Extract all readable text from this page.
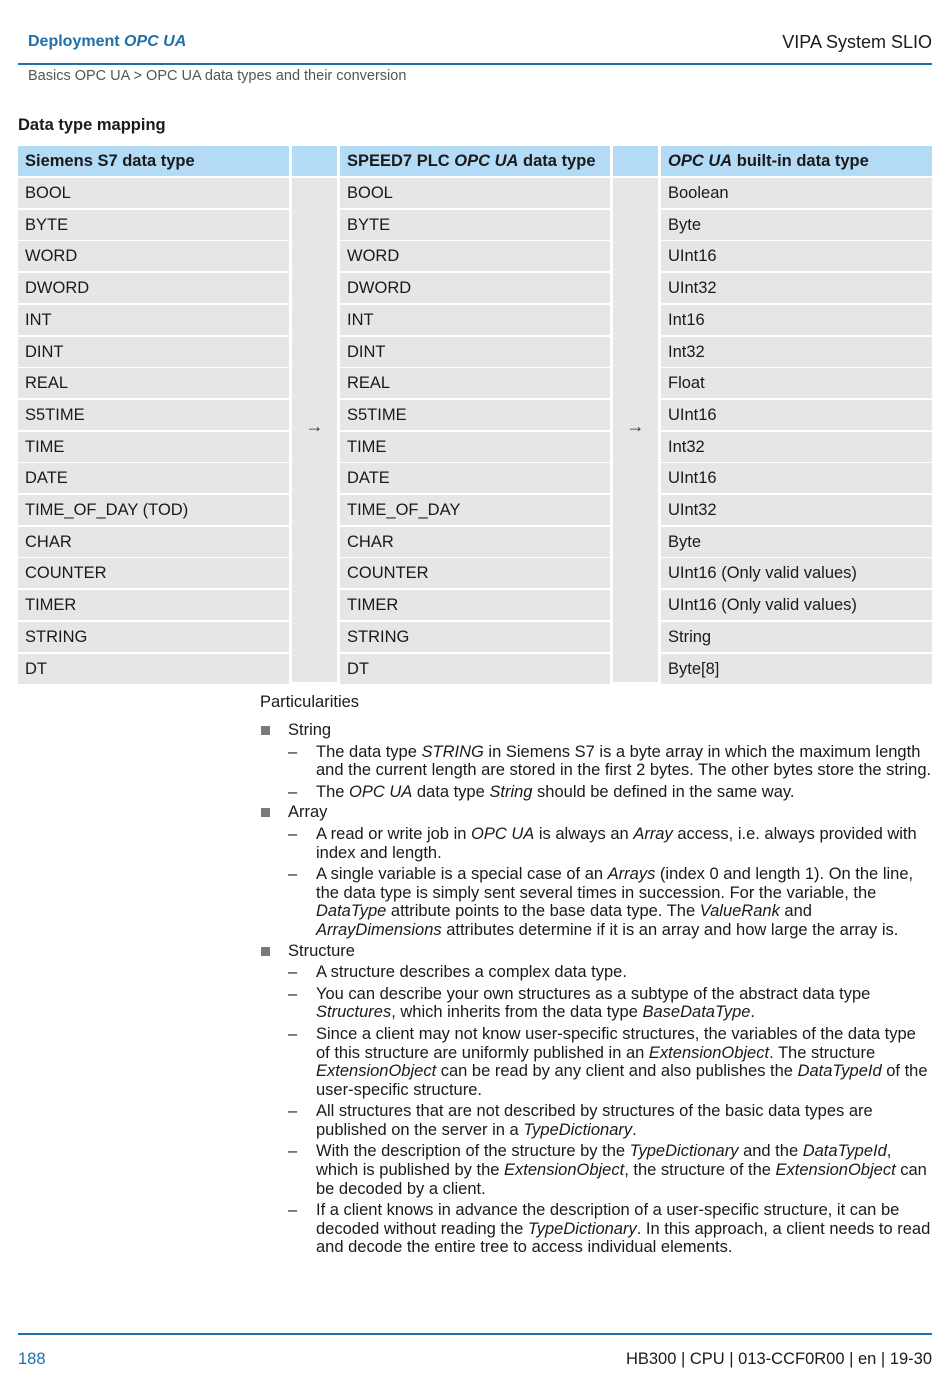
Deployment OPC UA	VIPA System SLIO
Basics OPC UA > OPC UA data types and their conversion
Data type mapping
Siemens S7 data type	SPEED7 PLC OPC UA data type	OPC UA built-in data type
→	→
BOOL	BOOL	Boolean
BYTE	BYTE	Byte
WORD	WORD	UInt16
DWORD	DWORD	UInt32
INT	INT	Int16
DINT	DINT	Int32
REAL	REAL	Float
S5TIME	S5TIME	UInt16
TIME	TIME	Int32
DATE	DATE	UInt16
TIME_OF_DAY (TOD)	TIME_OF_DAY	UInt32
CHAR	CHAR	Byte
COUNTER	COUNTER	UInt16 (Only valid values)
TIMER	TIMER	UInt16 (Only valid values)
STRING	STRING	String
DT	DT	Byte[8]
Particularities
String
– The data type STRING in Siemens S7 is a byte array in which the maximum length and the current length are stored in the first 2 bytes. The other bytes store the string.
– The OPC UA data type String should be defined in the same way.
Array
– A read or write job in OPC UA is always an Array access, i.e. always provided with index and length.
– A single variable is a special case of an Arrays (index 0 and length 1). On the line, the data type is simply sent several times in succession. For the variable, the DataType attribute points to the base data type. The ValueRank and ArrayDimensions attributes determine if it is an array and how large the array is.
Structure
– A structure describes a complex data type.
– You can describe your own structures as a subtype of the abstract data type Structures, which inherits from the data type BaseDataType.
– Since a client may not know user-specific structures, the variables of the data type of this structure are uniformly published in an ExtensionObject. The structure ExtensionObject can be read by any client and also publishes the DataTypeId of the user-specific structure.
– All structures that are not described by structures of the basic data types are published on the server in a TypeDictionary.
– With the description of the structure by the TypeDictionary and the DataTypeId, which is published by the ExtensionObject, the structure of the ExtensionObject can be decoded by a client.
– If a client knows in advance the description of a user-specific structure, it can be decoded without reading the TypeDictionary. In this approach, a client needs to read and decode the entire tree to access individual elements.
188	HB300 | CPU | 013-CCF0R00 | en | 19-30
